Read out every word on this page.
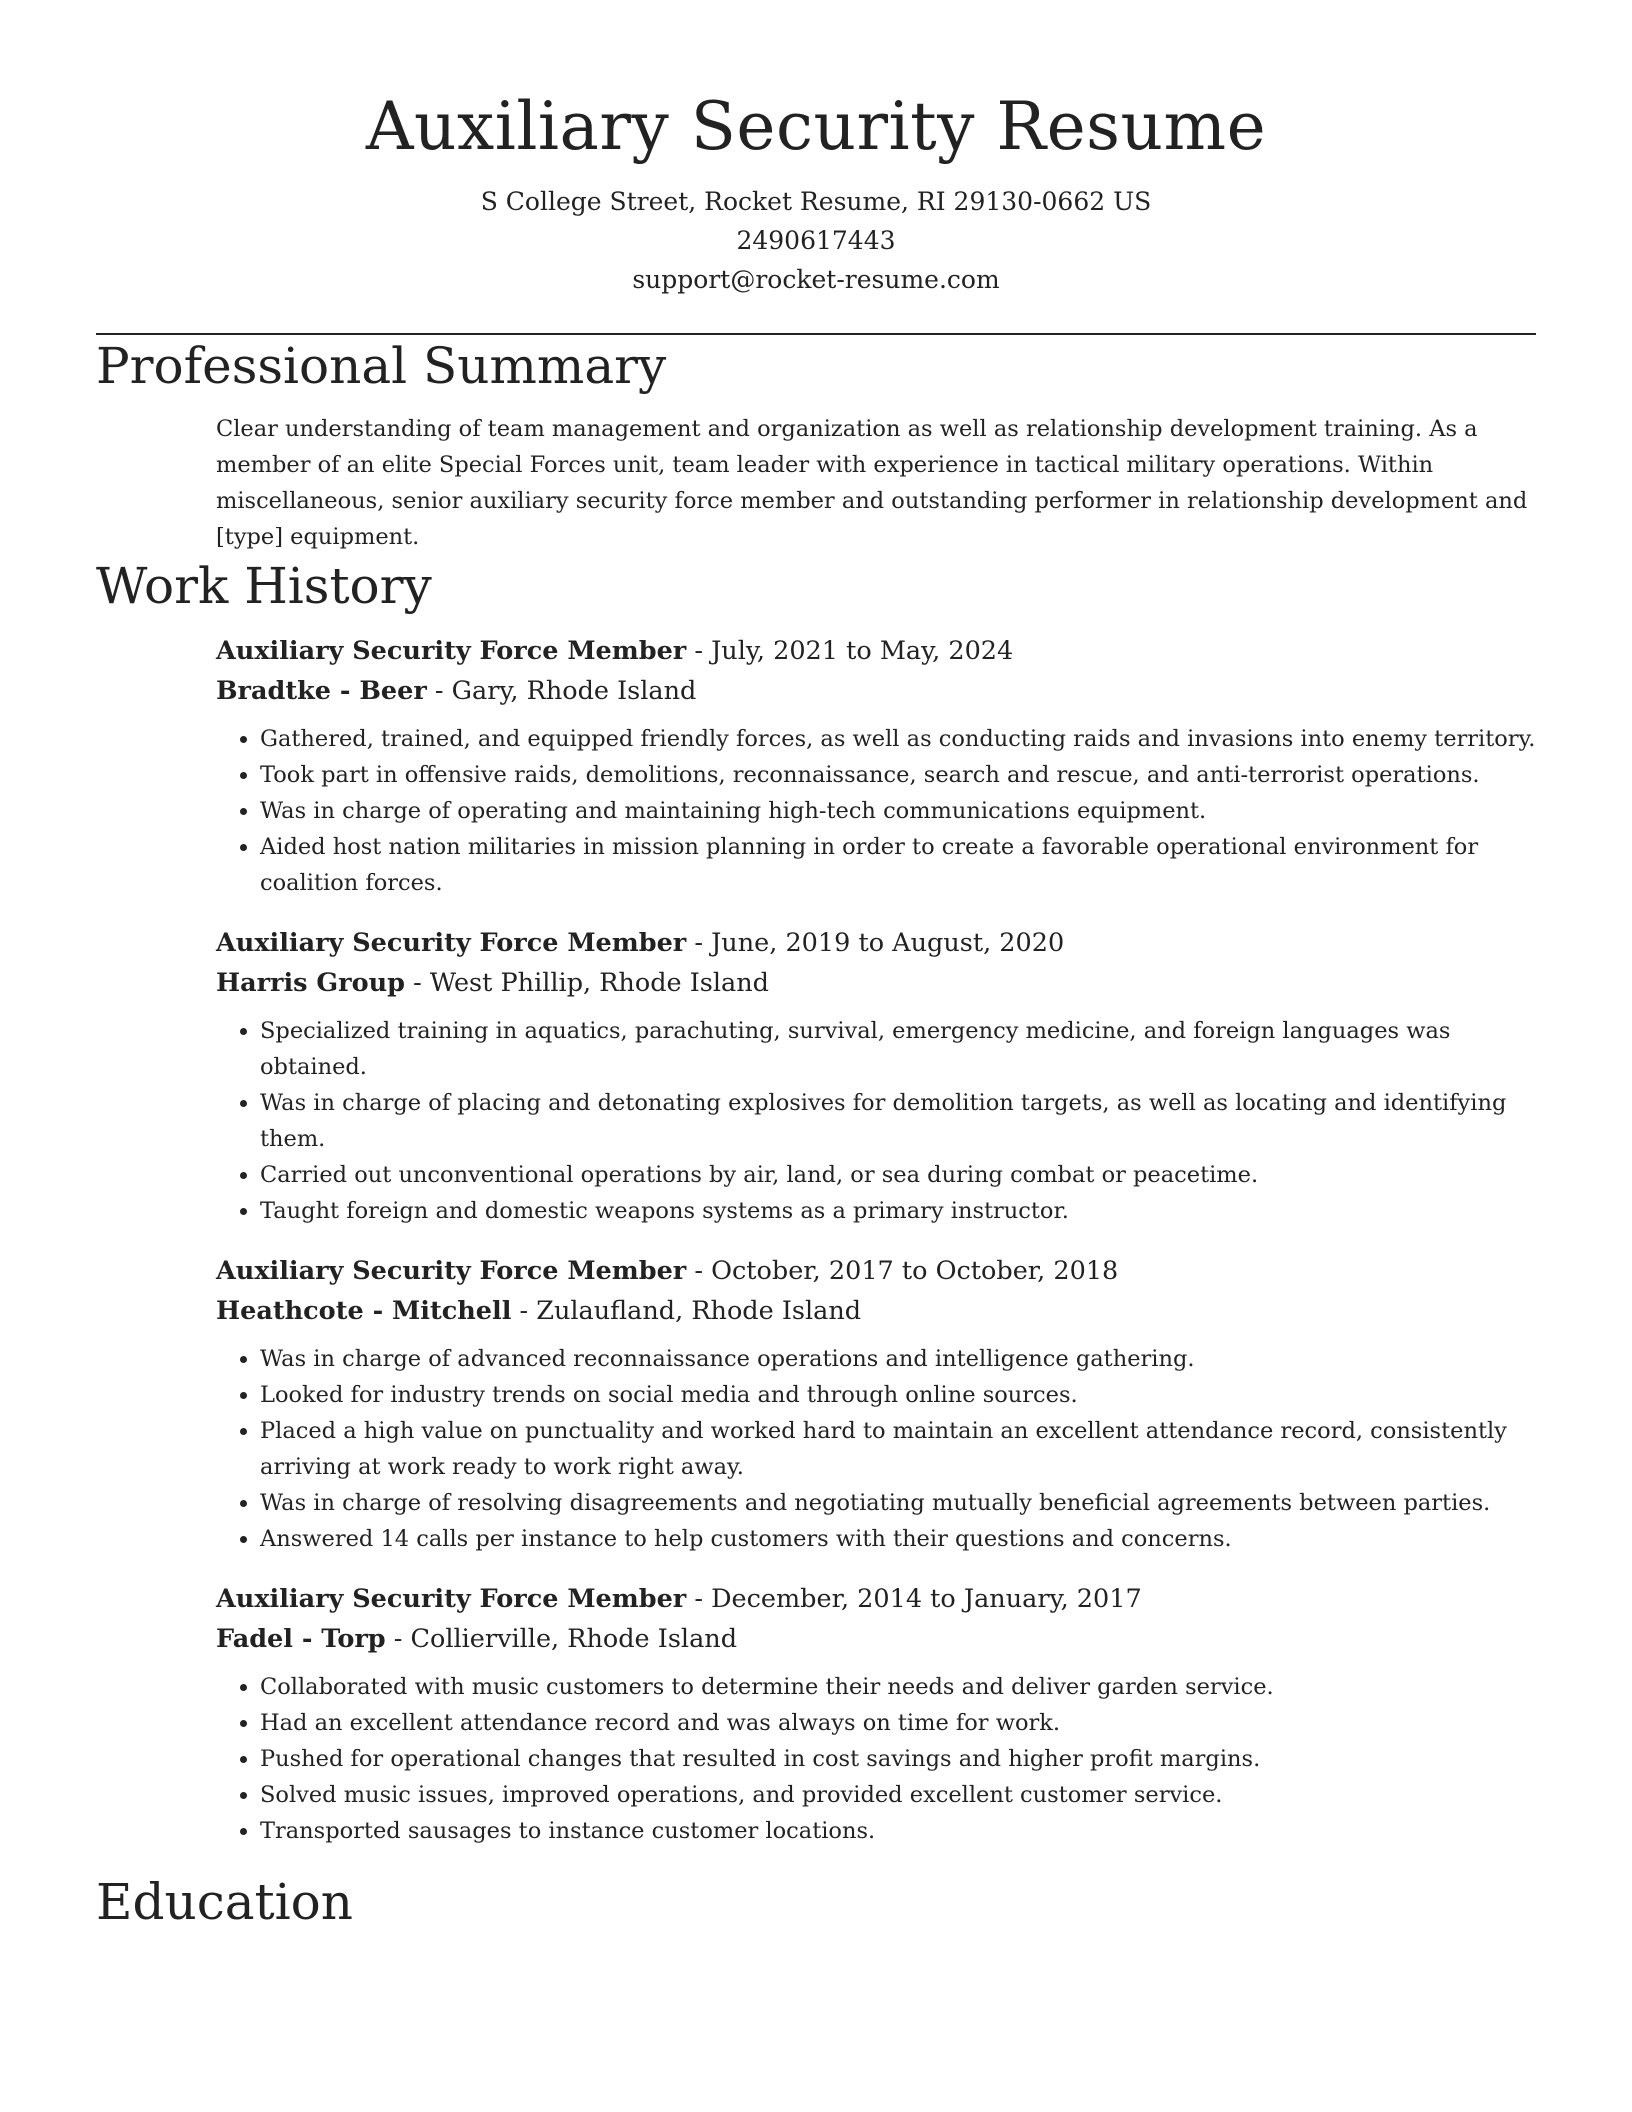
Auxiliary Security Resume
S College Street, Rocket Resume, RI 29130-0662 US
2490617443
support@rocket-resume.com
Professional Summary
Clear understanding of team management and organization as well as relationship development training. As a member of an elite Special Forces unit, team leader with experience in tactical military operations. Within miscellaneous, senior auxiliary security force member and outstanding performer in relationship development and [type] equipment.
Work History
Auxiliary Security Force Member - July, 2021 to May, 2024
Bradtke - Beer - Gary, Rhode Island
• Gathered, trained, and equipped friendly forces, as well as conducting raids and invasions into enemy territory.
• Took part in offensive raids, demolitions, reconnaissance, search and rescue, and anti-terrorist operations.
• Was in charge of operating and maintaining high-tech communications equipment.
• Aided host nation militaries in mission planning in order to create a favorable operational environment for coalition forces.
Auxiliary Security Force Member - June, 2019 to August, 2020
Harris Group - West Phillip, Rhode Island
• Specialized training in aquatics, parachuting, survival, emergency medicine, and foreign languages was obtained.
• Was in charge of placing and detonating explosives for demolition targets, as well as locating and identifying them.
• Carried out unconventional operations by air, land, or sea during combat or peacetime.
• Taught foreign and domestic weapons systems as a primary instructor.
Auxiliary Security Force Member - October, 2017 to October, 2018
Heathcote - Mitchell - Zulaufland, Rhode Island
• Was in charge of advanced reconnaissance operations and intelligence gathering.
• Looked for industry trends on social media and through online sources.
• Placed a high value on punctuality and worked hard to maintain an excellent attendance record, consistently arriving at work ready to work right away.
• Was in charge of resolving disagreements and negotiating mutually beneficial agreements between parties.
• Answered 14 calls per instance to help customers with their questions and concerns.
Auxiliary Security Force Member - December, 2014 to January, 2017
Fadel - Torp - Collierville, Rhode Island
• Collaborated with music customers to determine their needs and deliver garden service.
• Had an excellent attendance record and was always on time for work.
• Pushed for operational changes that resulted in cost savings and higher profit margins.
• Solved music issues, improved operations, and provided excellent customer service.
• Transported sausages to instance customer locations.
Education
